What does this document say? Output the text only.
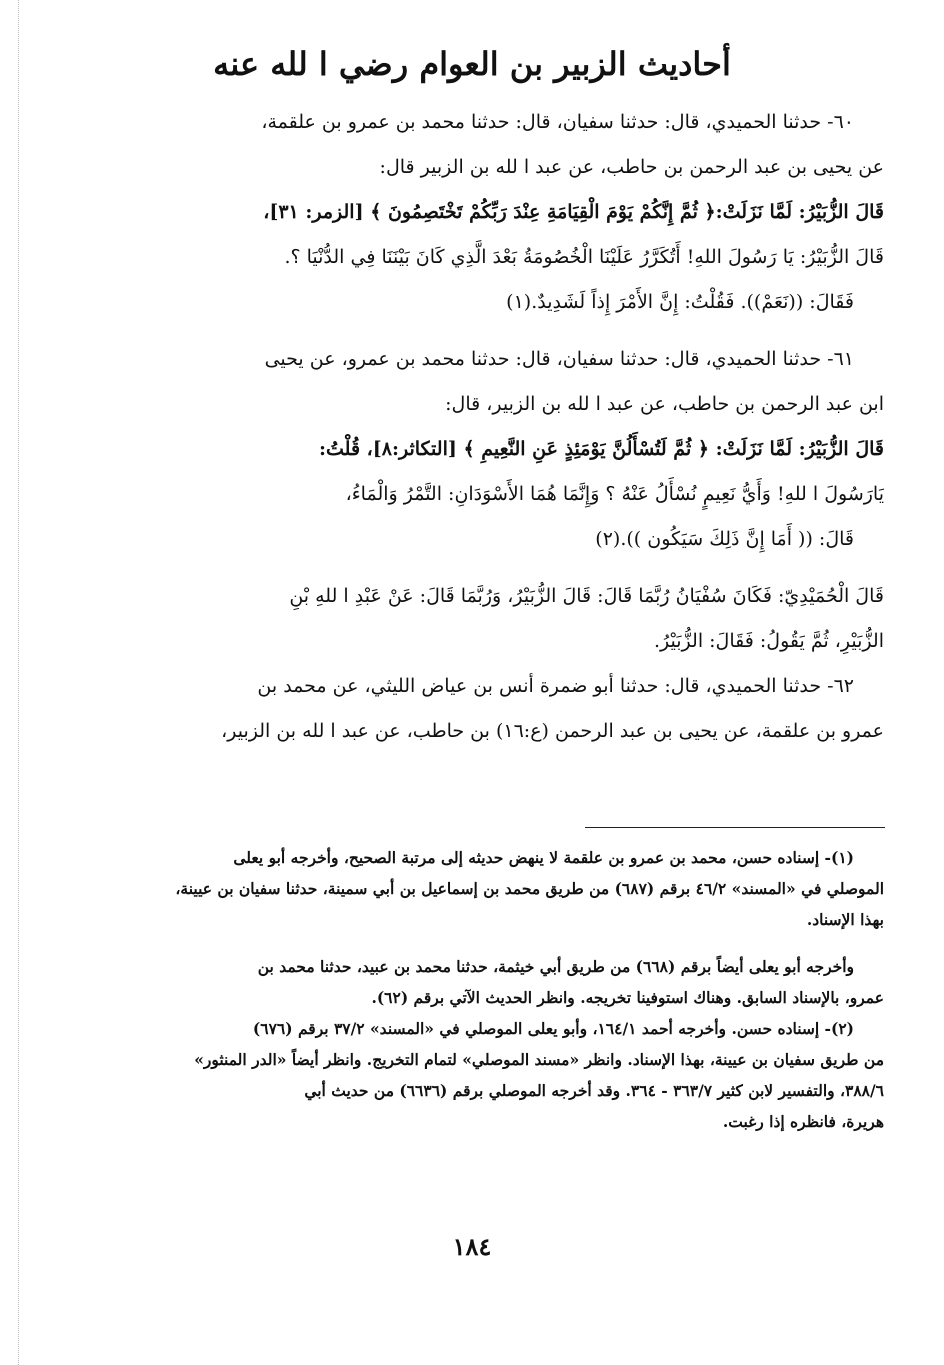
أحاديث الزبير بن العوام رضي ا لله عنه
٦٠- حدثنا الحميدي، قال: حدثنا سفيان، قال: حدثنا محمد بن عمرو بن علقمة،
عن يحيى بن عبد الرحمن بن حاطب، عن عبد ا لله بن الزبير قال:
قَالَ الزُّبَيْرُ: لَمَّا نَزَلَتْ:﴿ ثُمَّ إِنَّكُمْ يَوْمَ الْقِيَامَةِ عِنْدَ رَبِّكُمْ تَخْتَصِمُونَ ﴾ [الزمر: ٣١]،
قَالَ الزُّبَيْرُ: يَا رَسُولَ اللهِ! أَتُكَرَّرُ عَلَيْنَا الْخُصُومَةُ بَعْدَ الَّذِي كَانَ بَيْنَنَا فِي الدُّنْيَا ؟.
فَقَالَ: ((نَعَمْ)). فَقُلْتُ: إِنَّ الأَمْرَ إِذاً لَشَدِيدٌ.(١)
٦١- حدثنا الحميدي، قال: حدثنا سفيان، قال: حدثنا محمد بن عمرو، عن يحيى
ابن عبد الرحمن بن حاطب، عن عبد ا لله بن الزبير، قال:
قَالَ الزُّبَيْرُ: لَمَّا نَزَلَتْ: ﴿ ثُمَّ لَتُسْأَلُنَّ يَوْمَئِذٍ عَنِ النَّعِيمِ ﴾ [التكاثر:٨]، قُلْتُ:
يَارَسُولَ ا للهِ! وَأَيُّ نَعِيمٍ نُسْأَلُ عَنْهُ ؟ وَإِنَّمَا هُمَا الأَسْوَدَانِ: التَّمْرُ وَالْمَاءُ،
قَالَ: (( أَمَا إِنَّ ذَلِكَ سَيَكُون )).(٢)
قَالَ الْحُمَيْدِيّ: فَكَانَ سُفْيَانُ رُبَّمَا قَالَ: قَالَ الزُّبَيْرُ، وَرُبَّمَا قَالَ: عَنْ عَبْدِ ا للهِ بْنِ
الزُّبَيْرِ، ثُمَّ يَقُولُ: فَقَالَ: الزُّبَيْرُ.
٦٢- حدثنا الحميدي، قال: حدثنا أبو ضمرة أنس بن عياض الليثي، عن محمد بن
عمرو بن علقمة، عن يحيى بن عبد الرحمن (ع:١٦) بن حاطب، عن عبد ا لله بن الزبير،
(١)- إسناده حسن، محمد بن عمرو بن علقمة لا ينهض حديثه إلى مرتبة الصحيح، وأخرجه أبو يعلى
الموصلي في «المسند» ٤٦/٢ برقم (٦٨٧) من طريق محمد بن إسماعيل بن أبي سمينة، حدثنا سفيان بن عيينة،
بهذا الإسناد.
وأخرجه أبو يعلى أيضاً برقم (٦٦٨) من طريق أبي خيثمة، حدثنا محمد بن عبيد، حدثنا محمد بن
عمرو، بالإسناد السابق. وهناك استوفينا تخريجه. وانظر الحديث الآتي برقم (٦٢).
(٢)- إسناده حسن. وأخرجه أحمد ١٦٤/١، وأبو يعلى الموصلي في «المسند» ٣٧/٢ برقم (٦٧٦)
من طريق سفيان بن عيينة، بهذا الإسناد. وانظر «مسند الموصلي» لتمام التخريج. وانظر أيضاً «الدر المنثور»
٣٨٨/٦، والتفسير لابن كثير ٣٦٣/٧ - ٣٦٤. وقد أخرجه الموصلي برقم (٦٦٣٦) من حديث أبي
هريرة، فانظره إذا رغبت.
١٨٤
